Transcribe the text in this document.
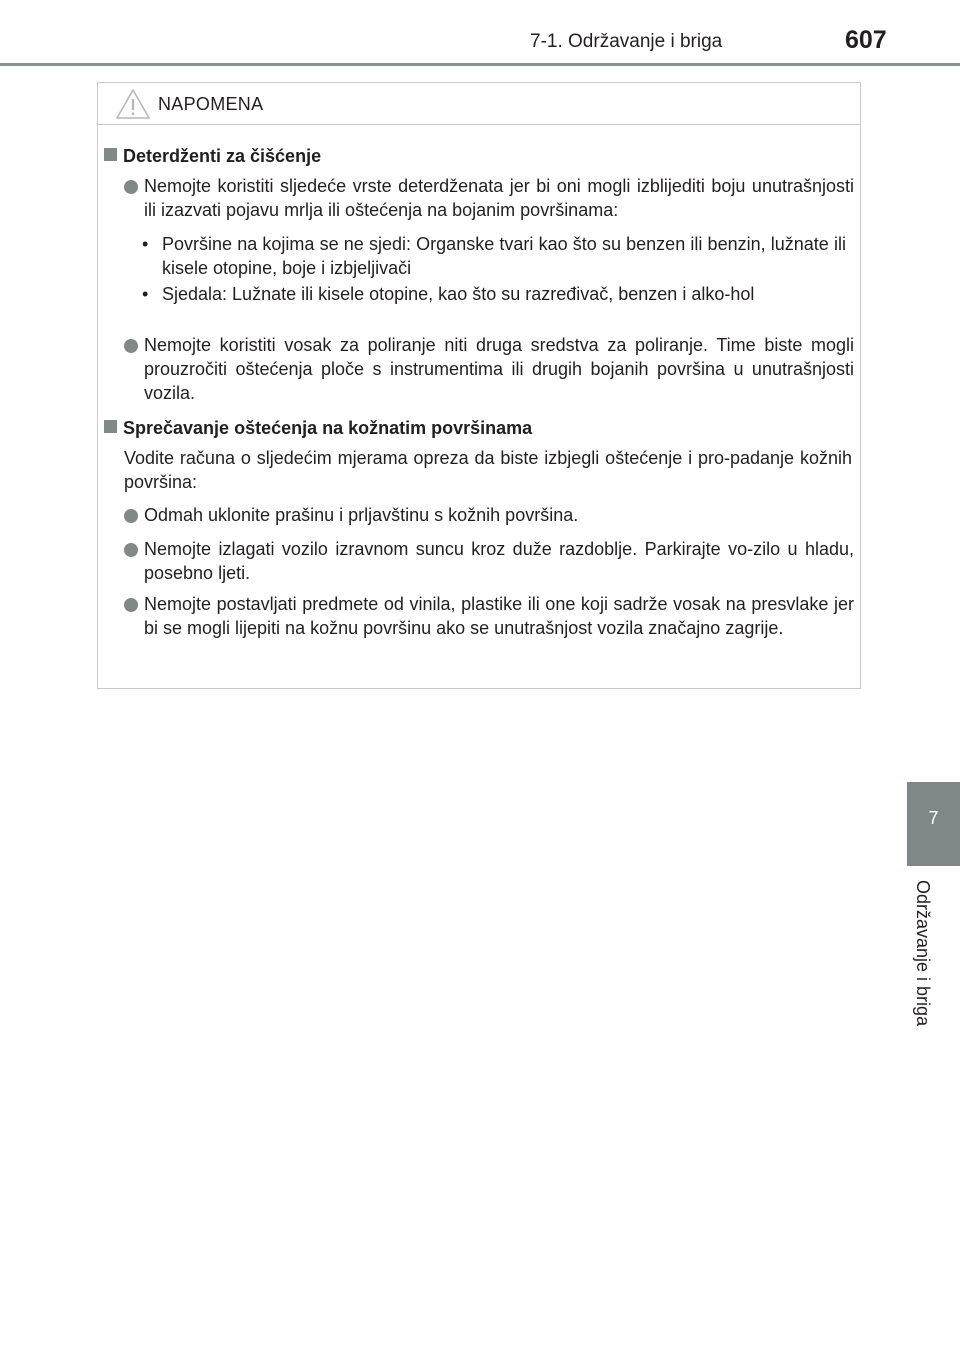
7-1. Održavanje i briga	607
NAPOMENA
Deterdženti za čišćenje
Nemojte koristiti sljedeće vrste deterdženata jer bi oni mogli izblijediti boju unutrašnjosti ili izazvati pojavu mrlja ili oštećenja na bojanim površinama:
• Površine na kojima se ne sjedi: Organske tvari kao što su benzen ili benzin, lužnate ili kisele otopine, boje i izbjeljivači
• Sjedala: Lužnate ili kisele otopine, kao što su razređivač, benzen i alko-hol
Nemojte koristiti vosak za poliranje niti druga sredstva za poliranje. Time biste mogli prouzročiti oštećenja ploče s instrumentima ili drugih bojanih površina u unutrašnjosti vozila.
Sprečavanje oštećenja na kožnatim površinama
Vodite računa o sljedećim mjerama opreza da biste izbjegli oštećenje i pro-padanje kožnih površina:
Odmah uklonite prašinu i prljavštinu s kožnih površina.
Nemojte izlagati vozilo izravnom suncu kroz duže razdoblje. Parkirajte vo-zilo u hladu, posebno ljeti.
Nemojte postavljati predmete od vinila, plastike ili one koji sadrže vosak na presvlake jer bi se mogli lijepiti na kožnu površinu ako se unutrašnjost vozila značajno zagrije.
7
Održavanje i briga
